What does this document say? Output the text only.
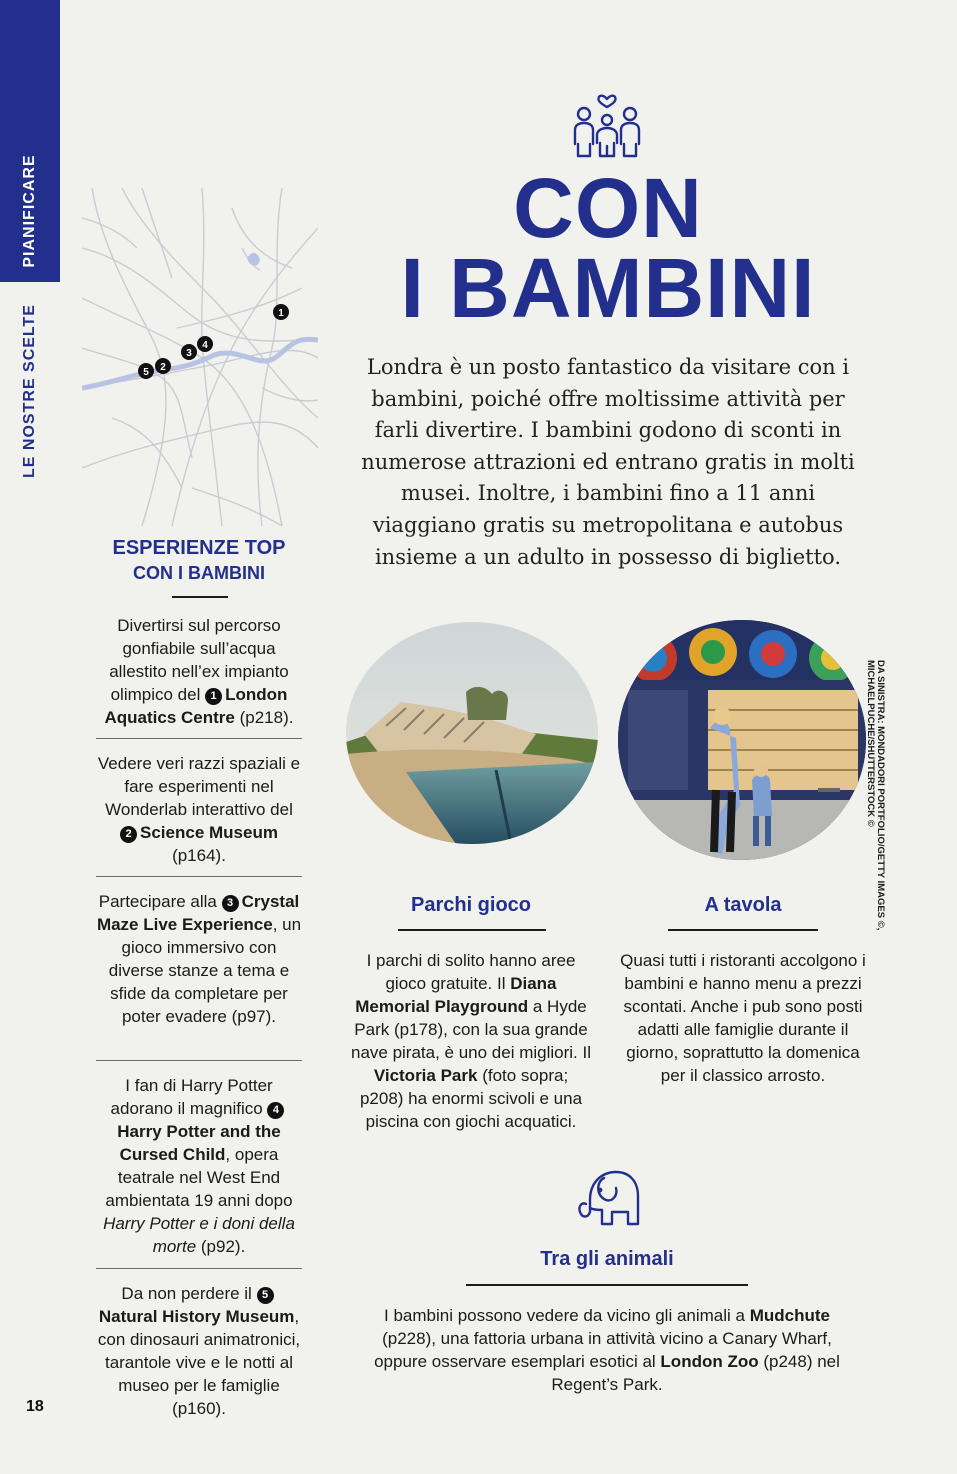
PIANIFICARE
LE NOSTRE SCELTE	1
5 2
3
4
ESPERIENZE TOP
CON I BAMBINI
Divertirsi sul percorso gonfiabile sull’acqua allestito nell’ex impianto olimpico del 1 London Aquatics Centre (p218).
Vedere veri razzi spaziali e fare esperimenti nel Wonderlab interattivo del 2 Science Museum (p164).
Partecipare alla 3 Crystal Maze Live Experience, un gioco immersivo con diverse stanze a tema e sfide da completare per poter evadere (p97).
I fan di Harry Potter adorano il magnifico 4Harry Potter and the Cursed Child, opera teatrale nel West End ambientata 19 anni dopo Harry Potter e i doni della morte (p92).
Da non perdere il 5Natural History Museum, con dinosauri animatronici, tarantole vive e le notti al museo per le famiglie (p160).
CON
I BAMBINI
Londra è un posto fantastico da visitare con i bambini, poiché offre moltissime attività per farli divertire. I bambini godono di sconti in numerose attrazioni ed entrano gratis in molti musei. Inoltre, i bambini fino a 11 anni viaggiano gratis su metropolitana e autobus insieme a un adulto in possesso di biglietto.
DA SINISTRA: MONDADORI PORTFOLIO/GETTY IMAGES ©,
MICHAELPUCHE/SHUTTERSTOCK ©
Parchi gioco
I parchi di solito hanno aree gioco gratuite. Il Diana Memorial Playground a Hyde Park (p178), con la sua grande nave pirata, è uno dei migliori. Il Victoria Park (foto sopra; p208) ha enormi scivoli e una piscina con giochi acquatici.
A tavola
Quasi tutti i ristoranti accolgono i bambini e hanno menu a prezzi scontati. Anche i pub sono posti adatti alle famiglie durante il giorno, soprattutto la domenica per il classico arrosto.
Tra gli animali
I bambini possono vedere da vicino gli animali a Mudchute (p228), una fattoria urbana in attività vicino a Canary Wharf, oppure osservare esemplari esotici al London Zoo (p248) nel Regent’s Park.
18
